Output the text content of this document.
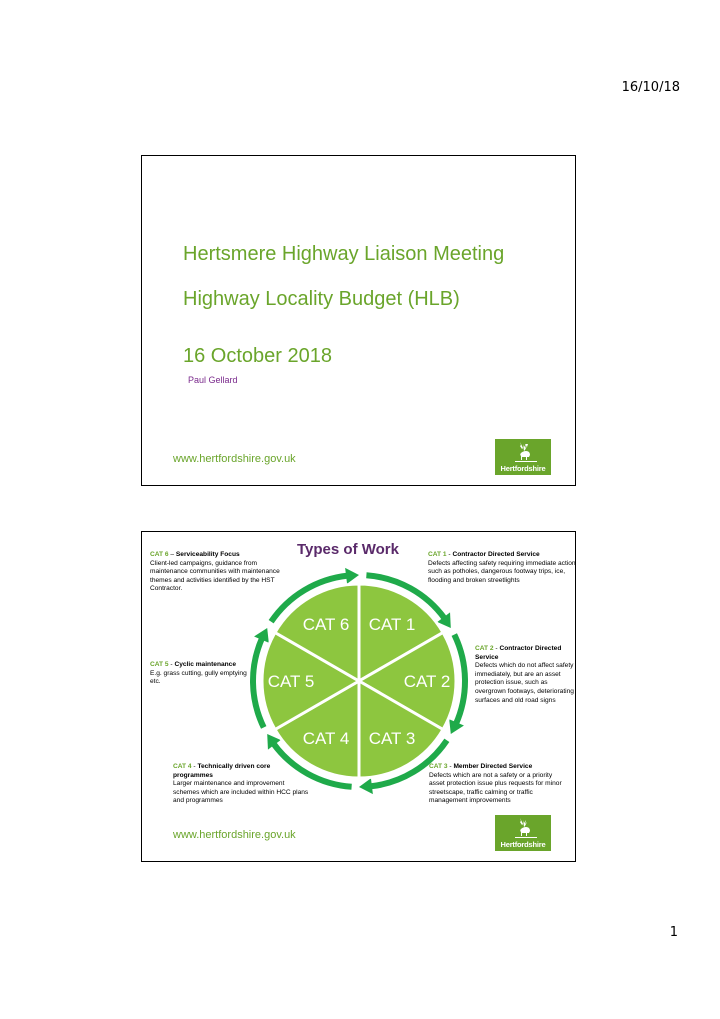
16/10/18
Hertsmere Highway Liaison Meeting
Highway Locality Budget (HLB)
16 October 2018
Paul Gellard
www.hertfordshire.gov.uk
Hertfordshire
Types of Work
CAT 1
CAT 2
CAT 3
CAT 4
CAT 5
CAT 6
CAT 6 – Serviceability Focus
Client-led campaigns, guidance from maintenance communities with maintenance themes and activities identified by the HST Contractor.
CAT 1 - Contractor Directed Service
Defects affecting safety requiring immediate action such as potholes, dangerous footway trips, ice, flooding and broken streetlights
CAT 5 - Cyclic maintenance
E.g. grass cutting, gully emptying etc.
CAT 2 - Contractor Directed Service
Defects which do not affect safety immediately, but are an asset protection issue, such as overgrown footways, deteriorating surfaces and old road signs
CAT 4 - Technically driven core programmes
Larger maintenance and improvement schemes which are included within HCC plans and programmes
CAT 3 - Member Directed Service
Defects which are not a safety or a priority asset protection issue plus requests for minor streetscape, traffic calming or traffic management improvements
www.hertfordshire.gov.uk
Hertfordshire
1
